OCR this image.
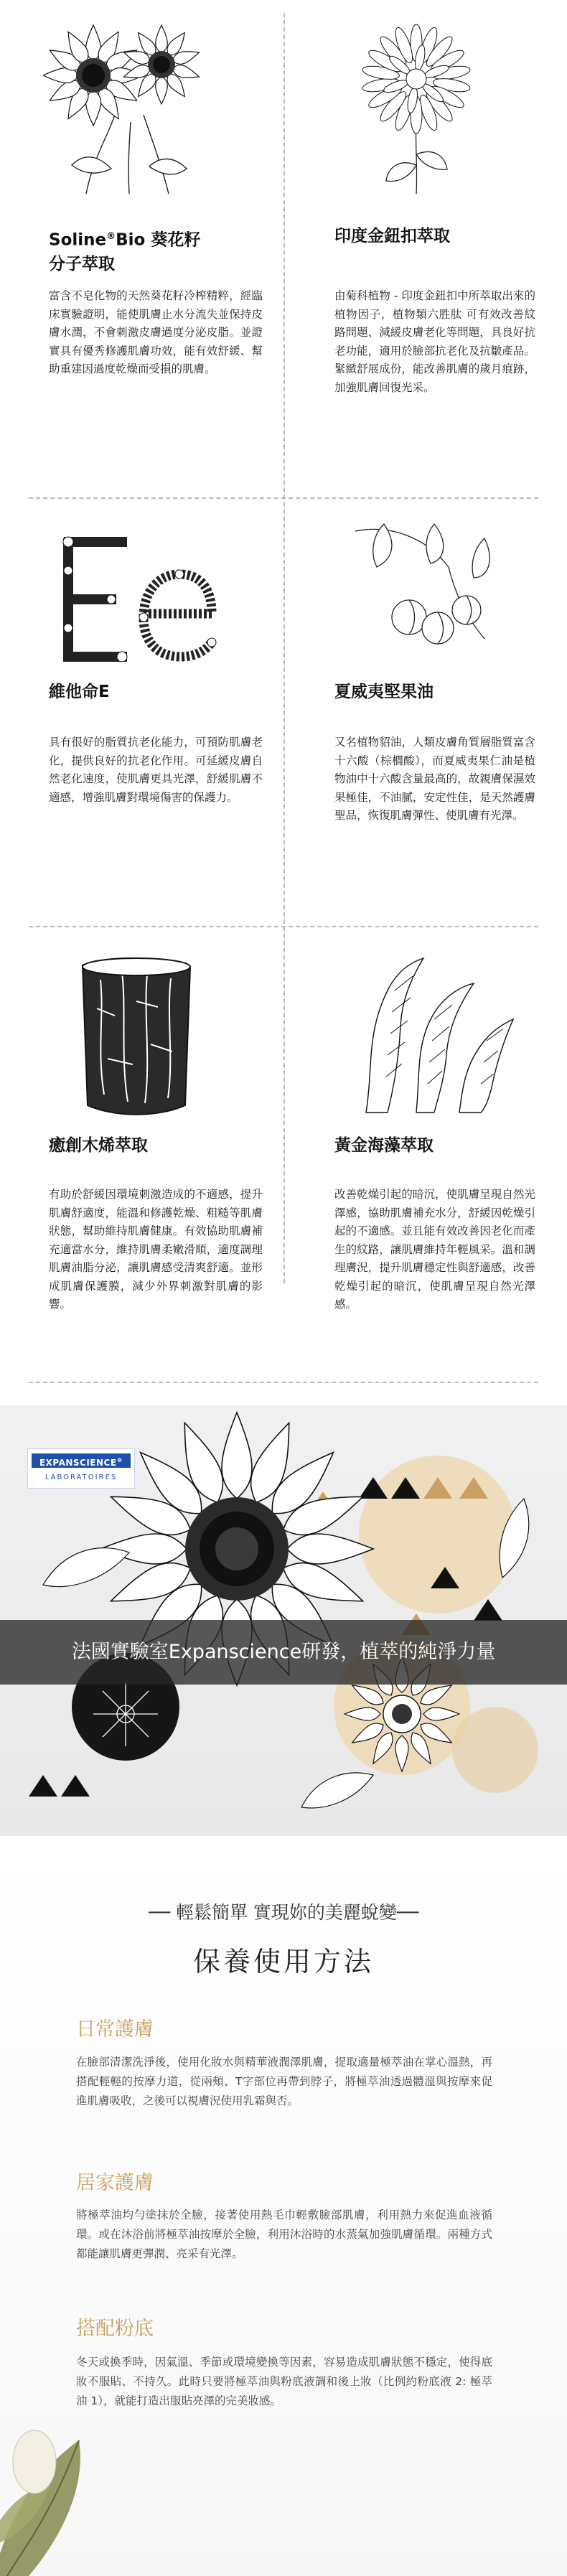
Soline®Bio 葵花籽
分子萃取
富含不皂化物的天然葵花籽冷榨精粹，經臨床實驗證明，能使肌膚止水分流失並保持皮膚水潤，不會刺激皮膚過度分泌皮脂。並證實具有優秀修護肌膚功效，能有效舒緩、幫助重建因過度乾燥而受損的肌膚。
印度金鈕扣萃取
由菊科植物 - 印度金鈕扣中所萃取出來的植物因子，植物類六胜肽 可有效改善紋路問題、減緩皮膚老化等問題，具良好抗老功能，適用於臉部抗老化及抗皺產品。緊緻舒展成份，能改善肌膚的歲月痕跡，加強肌膚回復光采。
維他命E
具有很好的脂質抗老化能力，可預防肌膚老化，提供良好的抗老化作用。可延緩皮膚自然老化速度，使肌膚更具光澤，舒緩肌膚不適感，增強肌膚對環境傷害的保護力。
夏威夷堅果油
又名植物貂油，人類皮膚角質層脂質富含十六酸（棕櫚酸），而夏威夷果仁油是植物油中十六酸含量最高的，故親膚保濕效果極佳，不油膩，安定性佳，是天然護膚聖品，恢復肌膚彈性、使肌膚有光澤。
癒創木烯萃取
有助於舒緩因環境刺激造成的不適感，提升肌膚舒適度，能溫和修護乾燥、粗糙等肌膚狀態，幫助維持肌膚健康。有效協助肌膚補充適當水分，維持肌膚柔嫩滑順，適度調理肌膚油脂分泌，讓肌膚感受清爽舒適。並形成肌膚保護膜，減少外界刺激對肌膚的影響。
黃金海藻萃取
改善乾燥引起的暗沉，使肌膚呈現自然光澤感，協助肌膚補充水分，舒緩因乾燥引起的不適感。並且能有效改善因老化而產生的紋路，讓肌膚維持年輕風采。溫和調理膚況，提升肌膚穩定性與舒適感，改善乾燥引起的暗沉，使肌膚呈現自然光澤感。
EXPANSCIENCE®
LABORATOIRES
法國實驗室Expanscience研發，植萃的純淨力量
── 輕鬆簡單 實現妳的美麗蛻變──
保養使用方法
日常護膚
在臉部清潔洗淨後，使用化妝水與精華液潤澤肌膚，提取適量極萃油在掌心溫熱，再搭配輕輕的按摩力道，從兩頰、T字部位再帶到脖子，將極萃油透過體溫與按摩來促進肌膚吸收，之後可以視膚況使用乳霜與否。
居家護膚
將極萃油均勻塗抹於全臉，接著使用熱毛巾輕敷臉部肌膚，利用熱力來促進血液循環。或在沐浴前將極萃油按摩於全臉，利用沐浴時的水蒸氣加強肌膚循環。兩種方式都能讓肌膚更彈潤、亮采有光澤。
搭配粉底
冬天或換季時，因氣溫、季節或環境變換等因素，容易造成肌膚狀態不穩定，使得底妝不服貼、不持久。此時只要將極萃油與粉底液調和後上妝（比例約粉底液 2: 極萃油 1），就能打造出服貼亮澤的完美妝感。
